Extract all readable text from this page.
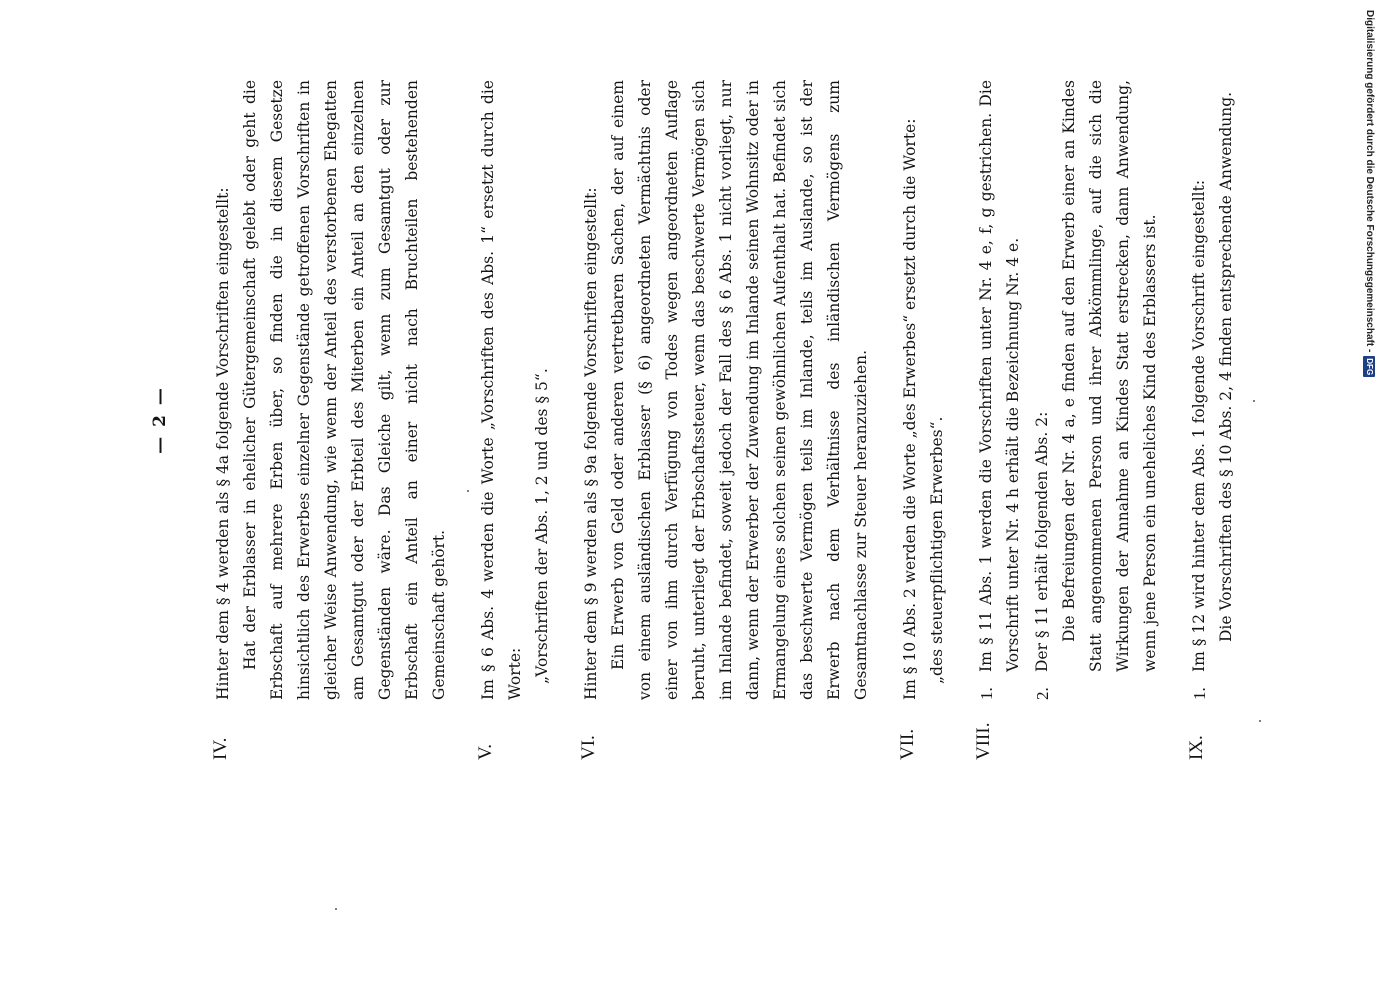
— 2 —
IV.
Hinter dem § 4 werden als § 4a folgende Vorschriften eingestellt: Hat der Erblasser in ehelicher Gütergemeinschaft gelebt oder geht die Erbschaft auf mehrere Erben über, so finden die in diesem Gesetze hinsichtlich des Erwerbes einzelner Gegenstände getroffenen Vorschriften in gleicher Weise Anwendung, wie wenn der Anteil des verstorbenen Ehegatten am Gesamtgut oder der Erbteil des Miterben ein Anteil an den einzelnen Gegenständen wäre. Das Gleiche gilt, wenn zum Gesamtgut oder zur Erbschaft ein Anteil an einer nicht nach Bruchteilen bestehenden Gemeinschaft gehört.
V.
Im § 6 Abs. 4 werden die Worte „Vorschriften des Abs. 1“ ersetzt durch die Worte: „Vorschriften der Abs. 1, 2 und des § 5“.
VI.
Hinter dem § 9 werden als § 9a folgende Vorschriften eingestellt: Ein Erwerb von Geld oder anderen vertretbaren Sachen, der auf einem von einem ausländischen Erblasser (§ 6) angeordneten Vermächtnis oder einer von ihm durch Verfügung von Todes wegen angeordneten Auflage beruht, unterliegt der Erbschaftssteuer, wenn das beschwerte Vermögen sich im Inlande befindet, soweit jedoch der Fall des § 6 Abs. 1 nicht vorliegt, nur dann, wenn der Erwerber der Zuwendung im Inlande seinen Wohnsitz oder in Ermangelung eines solchen seinen gewöhnlichen Aufenthalt hat. Befindet sich das beschwerte Vermögen teils im Inlande, teils im Auslande, so ist der Erwerb nach dem Verhältnisse des inländischen Vermögens zum Gesamtnachlasse zur Steuer heranzuziehen.
VII.
Im § 10 Abs. 2 werden die Worte „des Erwerbes“ ersetzt durch die Worte: „des steuerpflichtigen Erwerbes“.
VIII.
1.
Im § 11 Abs. 1 werden die Vorschriften unter Nr. 4 e, f, g gestrichen. Die Vorschrift unter Nr. 4 h erhält die Bezeichnung Nr. 4 e.
2.
Der § 11 erhält folgenden Abs. 2: Die Befreiungen der Nr. 4 a, e finden auf den Erwerb einer an Kindes Statt angenommenen Person und ihrer Abkömmlinge, auf die sich die Wirkungen der Annahme an Kindes Statt erstrecken, dann Anwendung, wenn jene Person ein uneheliches Kind des Erblassers ist.
IX.
1.
Im § 12 wird hinter dem Abs. 1 folgende Vorschrift eingestellt: Die Vorschriften des § 10 Abs. 2, 4 finden entsprechende Anwendung.	Digitalisierung gefördert durch die Deutsche Forschungsgemeinschaft -
DFG
